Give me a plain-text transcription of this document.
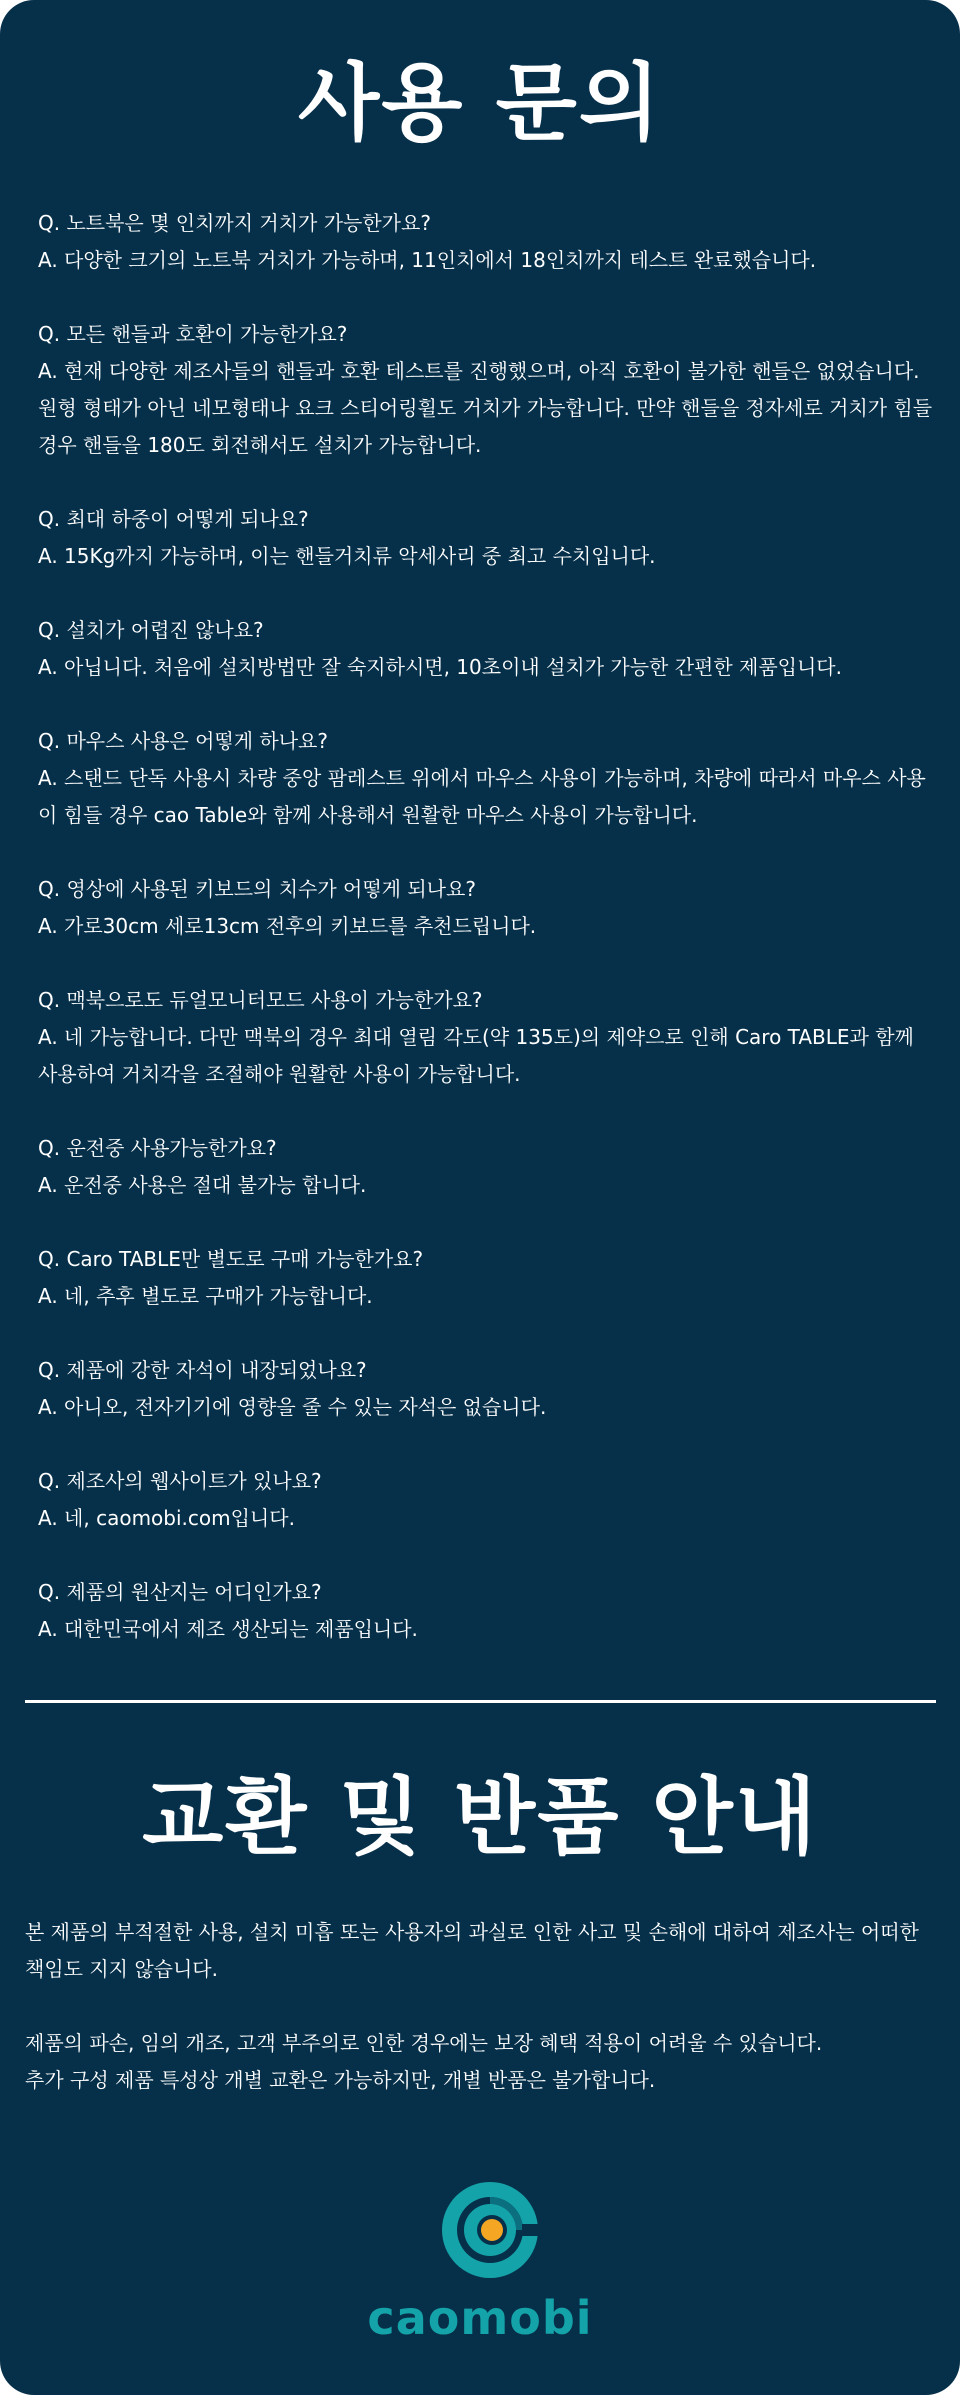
사용 문의
Q. 노트북은 몇 인치까지 거치가 가능한가요?
A. 다양한 크기의 노트북 거치가 가능하며, 11인치에서 18인치까지 테스트 완료했습니다.
Q. 모든 핸들과 호환이 가능한가요?
A. 현재 다양한 제조사들의 핸들과 호환 테스트를 진행했으며, 아직 호환이 불가한 핸들은 없었습니다. 원형 형태가 아닌 네모형태나 요크 스티어링휠도 거치가 가능합니다. 만약 핸들을 정자세로 거치가 힘들 경우 핸들을 180도 회전해서도 설치가 가능합니다.
Q. 최대 하중이 어떻게 되나요?
A. 15Kg까지 가능하며, 이는 핸들거치류 악세사리 중 최고 수치입니다.
Q. 설치가 어렵진 않나요?
A. 아닙니다. 처음에 설치방법만 잘 숙지하시면, 10초이내 설치가 가능한 간편한 제품입니다.
Q. 마우스 사용은 어떻게 하나요?
A. 스탠드 단독 사용시 차량 중앙 팜레스트 위에서 마우스 사용이 가능하며, 차량에 따라서 마우스 사용이 힘들 경우 cao Table와 함께 사용해서 원활한 마우스 사용이 가능합니다.
Q. 영상에 사용된 키보드의 치수가 어떻게 되나요?
A. 가로30cm 세로13cm 전후의 키보드를 추천드립니다.
Q. 맥북으로도 듀얼모니터모드 사용이 가능한가요?
A. 네 가능합니다. 다만 맥북의 경우 최대 열림 각도(약 135도)의 제약으로 인해 Caro TABLE과 함께 사용하여 거치각을 조절해야 원활한 사용이 가능합니다.
Q. 운전중 사용가능한가요?
A. 운전중 사용은 절대 불가능 합니다.
Q. Caro TABLE만 별도로 구매 가능한가요?
A. 네, 추후 별도로 구매가 가능합니다.
Q. 제품에 강한 자석이 내장되었나요?
A. 아니오, 전자기기에 영향을 줄 수 있는 자석은 없습니다.
Q. 제조사의 웹사이트가 있나요?
A. 네, caomobi.com입니다.
Q. 제품의 원산지는 어디인가요?
A. 대한민국에서 제조 생산되는 제품입니다.
교환 및 반품 안내

본 제품의 부적절한 사용, 설치 미흡 또는 사용자의 과실로 인한 사고 및 손해에 대하여 제조사는 어떠한 책임도 지지 않습니다.

제품의 파손, 임의 개조, 고객 부주의로 인한 경우에는 보장 혜택 적용이 어려울 수 있습니다.
추가 구성 제품 특성상 개별 교환은 가능하지만, 개별 반품은 불가합니다.

caomobi
